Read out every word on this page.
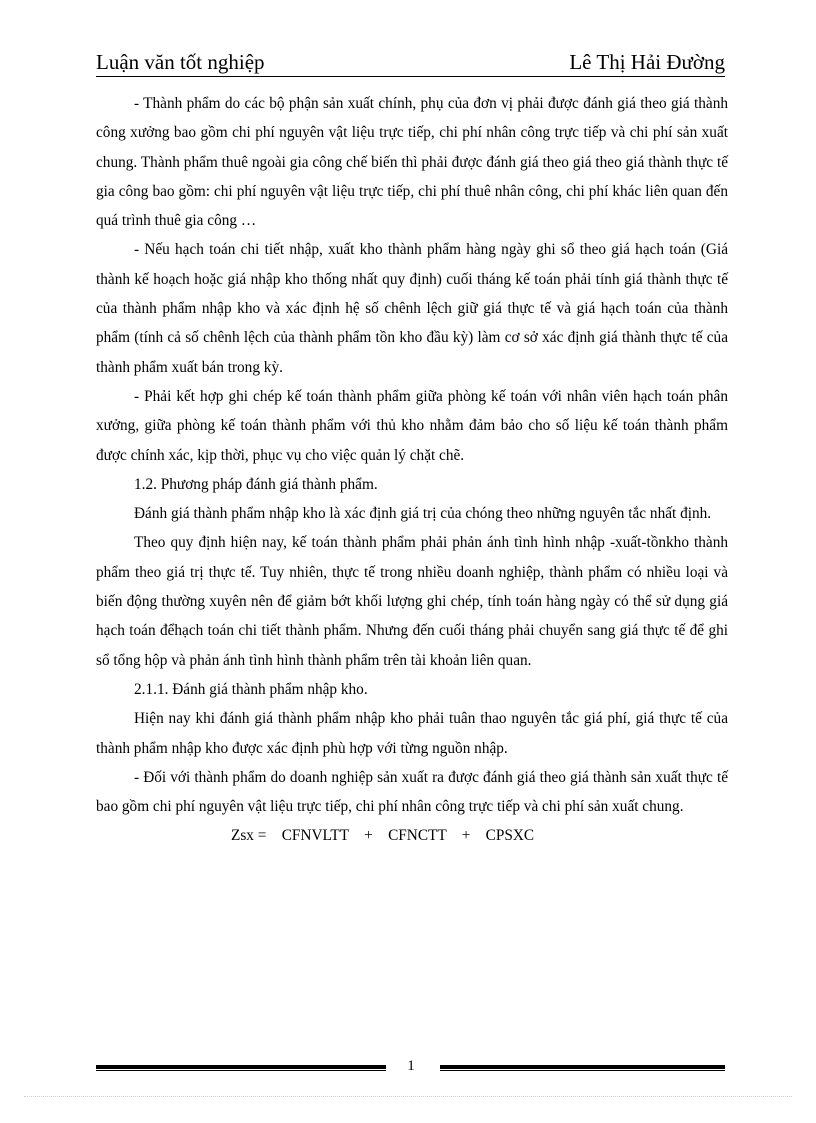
Luận văn tốt nghiệp	Lê Thị Hải Đường

- Thành phẩm do các bộ phận sản xuất chính, phụ của đơn vị phải được đánh giá theo giá thành công xưởng bao gồm chi phí nguyên vật liệu trực tiếp, chi phí nhân công trực tiếp và chi phí sản xuất chung. Thành phẩm thuê ngoài gia công chế biến thì phải được đánh giá theo giá theo giá thành thực tế gia công bao gồm: chi phí nguyên vật liệu trực tiếp, chi phí thuê nhân công, chi phí khác liên quan đến quá trình thuê gia công …

- Nếu hạch toán chi tiết nhập, xuất kho thành phẩm hàng ngày ghi sổ theo giá hạch toán (Giá thành kế hoạch hoặc giá nhập kho thống nhất quy định) cuối tháng kế toán phải tính giá thành thực tế của thành phẩm nhập kho và xác định hệ số chênh lệch giữ giá thực tế và giá hạch toán của thành phẩm (tính cả số chênh lệch của thành phẩm tồn kho đầu kỳ) làm cơ sở xác định giá thành thực tế của thành phẩm xuất bán trong kỳ.

- Phải kết hợp ghi chép kế toán thành phẩm giữa phòng kế toán với nhân viên hạch toán phân xưởng, giữa phòng kế toán thành phẩm với thủ kho nhằm đảm bảo cho số liệu kế toán thành phẩm được chính xác, kịp thời, phục vụ cho việc quản lý chặt chẽ.

1.2. Phương pháp đánh giá thành phẩm.

Đánh giá thành phẩm nhập kho là xác định giá trị của chóng theo những nguyên tắc nhất định.

Theo quy định hiện nay, kế toán thành phẩm phải phản ánh tình hình nhập -xuất-tồnkho thành phẩm theo giá trị thực tế. Tuy nhiên, thực tế trong nhiều doanh nghiệp, thành phẩm có nhiều loại và biến động thường xuyên nên để giảm bớt khối lượng ghi chép, tính toán hàng ngày có thể sử dụng giá hạch toán đểhạch toán chi tiết thành phẩm. Nhưng đến cuối tháng phải chuyển sang giá thực tế để ghi sổ tổng hộp và phản ánh tình hình thành phẩm trên tài khoản liên quan.

2.1.1. Đánh giá thành phẩm nhập kho.

Hiện nay khi đánh giá thành phẩm nhập kho phải tuân thao nguyên tắc giá phí, giá thực tế của thành phẩm nhập kho được xác định phù hợp với từng nguồn nhập.

- Đối với thành phẩm do doanh nghiệp sản xuất ra được đánh giá theo giá thành sản xuất thực tế bao gồm chi phí nguyên vật liệu trực tiếp, chi phí nhân công trực tiếp và chi phí sản xuất chung.

Zsx =    CFNVLTT    +    CFNCTT    +    CPSXC
1
